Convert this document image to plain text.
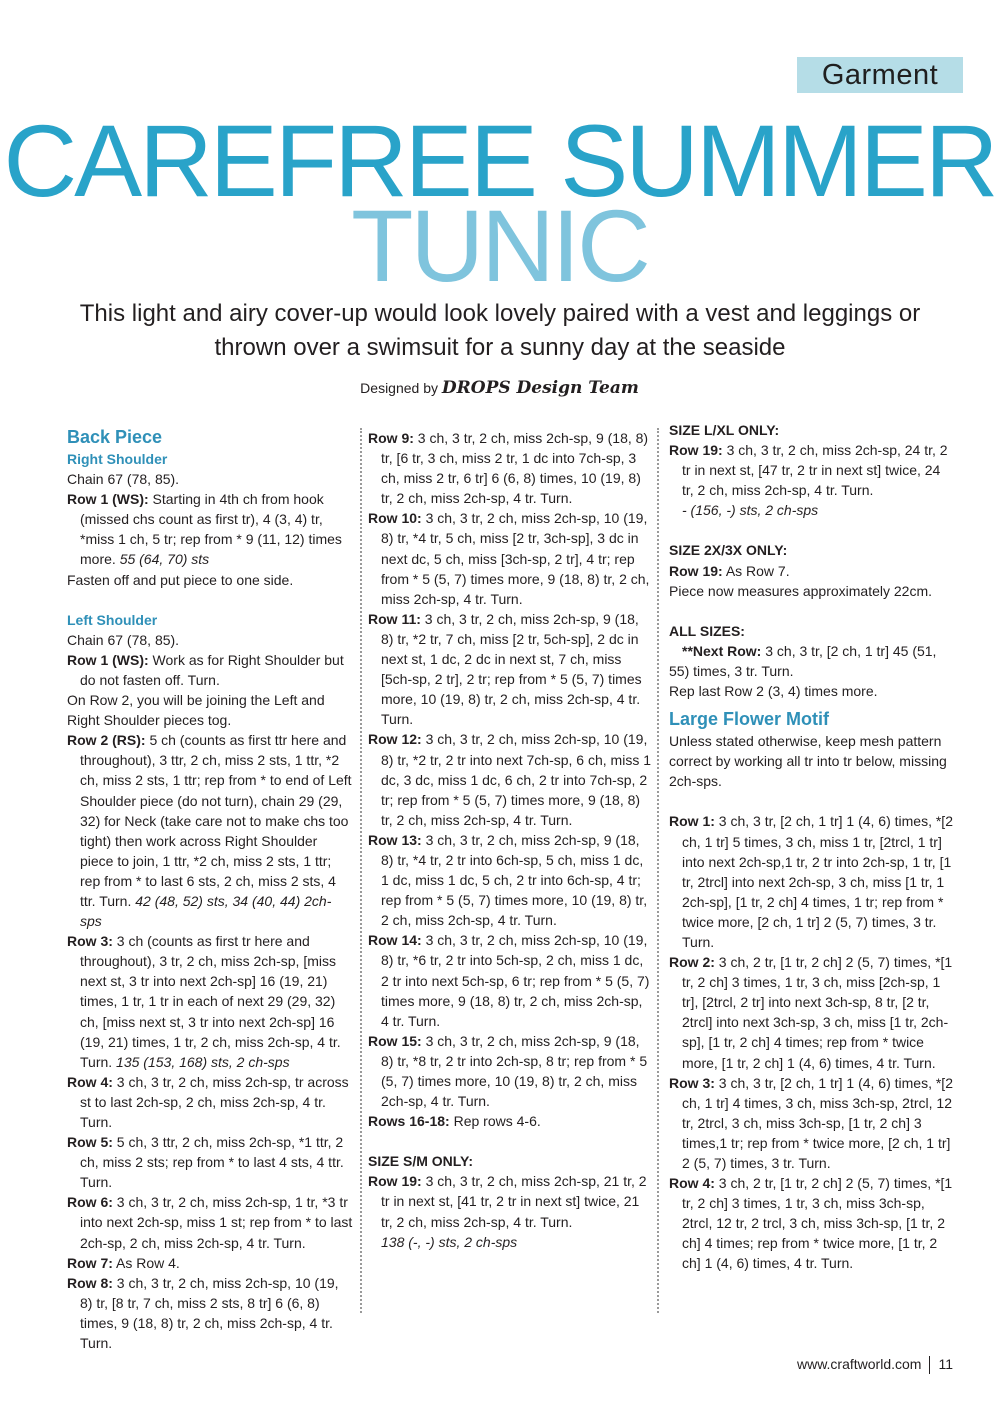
Garment
CAREFREE SUMMER
TUNIC
This light and airy cover-up would look lovely paired with a vest and leggings or thrown over a swimsuit for a sunny day at the seaside
Designed by DROPS Design Team
Back Piece
Right Shoulder

Chain 67 (78, 85).

Row 1 (WS): Starting in 4th ch from hook (missed chs count as first tr), 4 (3, 4) tr, *miss 1 ch, 5 tr; rep from * 9 (11, 12) times more. 55 (64, 70) sts

Fasten off and put piece to one side.

Left Shoulder

Chain 67 (78, 85).

Row 1 (WS): Work as for Right Shoulder but do not fasten off. Turn.

On Row 2, you will be joining the Left and Right Shoulder pieces tog.

Row 2 (RS): 5 ch (counts as first ttr here and throughout), 3 ttr, 2 ch, miss 2 sts, 1 ttr, *2 ch, miss 2 sts, 1 ttr; rep from * to end of Left Shoulder piece (do not turn), chain 29 (29, 32) for Neck (take care not to make chs too tight) then work across Right Shoulder piece to join, 1 ttr, *2 ch, miss 2 sts, 1 ttr; rep from * to last 6 sts, 2 ch, miss 2 sts, 4 ttr. Turn. 42 (48, 52) sts, 34 (40, 44) 2ch-sps

Row 3: 3 ch (counts as first tr here and throughout), 3 tr, 2 ch, miss 2ch-sp, [miss next st, 3 tr into next 2ch-sp] 16 (19, 21) times, 1 tr, 1 tr in each of next 29 (29, 32) ch, [miss next st, 3 tr into next 2ch-sp] 16 (19, 21) times, 1 tr, 2 ch, miss 2ch-sp, 4 tr. Turn. 135 (153, 168) sts, 2 ch-sps

Row 4: 3 ch, 3 tr, 2 ch, miss 2ch-sp, tr across st to last 2ch-sp, 2 ch, miss 2ch-sp, 4 tr. Turn.

Row 5: 5 ch, 3 ttr, 2 ch, miss 2ch-sp, *1 ttr, 2 ch, miss 2 sts; rep from * to last 4 sts, 4 ttr. Turn.

Row 6: 3 ch, 3 tr, 2 ch, miss 2ch-sp, 1 tr, *3 tr into next 2ch-sp, miss 1 st; rep from * to last 2ch-sp, 2 ch, miss 2ch-sp, 4 tr. Turn.

Row 7: As Row 4.

Row 8: 3 ch, 3 tr, 2 ch, miss 2ch-sp, 10 (19, 8) tr, [8 tr, 7 ch, miss 2 sts, 8 tr] 6 (6, 8) times, 9 (18, 8) tr, 2 ch, miss 2ch-sp, 4 tr. Turn.

Row 9: 3 ch, 3 tr, 2 ch, miss 2ch-sp, 9 (18, 8) tr, [6 tr, 3 ch, miss 2 tr, 1 dc into 7ch-sp, 3 ch, miss 2 tr, 6 tr] 6 (6, 8) times, 10 (19, 8) tr, 2 ch, miss 2ch-sp, 4 tr. Turn.

Row 10: 3 ch, 3 tr, 2 ch, miss 2ch-sp, 10 (19, 8) tr, *4 tr, 5 ch, miss [2 tr, 3ch-sp], 3 dc in next dc, 5 ch, miss [3ch-sp, 2 tr], 4 tr; rep from * 5 (5, 7) times more, 9 (18, 8) tr, 2 ch, miss 2ch-sp, 4 tr. Turn.

Row 11: 3 ch, 3 tr, 2 ch, miss 2ch-sp, 9 (18, 8) tr, *2 tr, 7 ch, miss [2 tr, 5ch-sp], 2 dc in next st, 1 dc, 2 dc in next st, 7 ch, miss [5ch-sp, 2 tr], 2 tr; rep from * 5 (5, 7) times more, 10 (19, 8) tr, 2 ch, miss 2ch-sp, 4 tr. Turn.

Row 12: 3 ch, 3 tr, 2 ch, miss 2ch-sp, 10 (19, 8) tr, *2 tr, 2 tr into next 7ch-sp, 6 ch, miss 1 dc, 3 dc, miss 1 dc, 6 ch, 2 tr into 7ch-sp, 2 tr; rep from * 5 (5, 7) times more, 9 (18, 8) tr, 2 ch, miss 2ch-sp, 4 tr. Turn.

Row 13: 3 ch, 3 tr, 2 ch, miss 2ch-sp, 9 (18, 8) tr, *4 tr, 2 tr into 6ch-sp, 5 ch, miss 1 dc, 1 dc, miss 1 dc, 5 ch, 2 tr into 6ch-sp, 4 tr; rep from * 5 (5, 7) times more, 10 (19, 8) tr, 2 ch, miss 2ch-sp, 4 tr. Turn.

Row 14: 3 ch, 3 tr, 2 ch, miss 2ch-sp, 10 (19, 8) tr, *6 tr, 2 tr into 5ch-sp, 2 ch, miss 1 dc, 2 tr into next 5ch-sp, 6 tr; rep from * 5 (5, 7) times more, 9 (18, 8) tr, 2 ch, miss 2ch-sp, 4 tr. Turn.

Row 15: 3 ch, 3 tr, 2 ch, miss 2ch-sp, 9 (18, 8) tr, *8 tr, 2 tr into 2ch-sp, 8 tr; rep from * 5 (5, 7) times more, 10 (19, 8) tr, 2 ch, miss 2ch-sp, 4 tr. Turn.

Rows 16-18: Rep rows 4-6.

SIZE S/M ONLY:

Row 19: 3 ch, 3 tr, 2 ch, miss 2ch-sp, 21 tr, 2 tr in next st, [41 tr, 2 tr in next st] twice, 21 tr, 2 ch, miss 2ch-sp, 4 tr. Turn.

138 (-, -) sts, 2 ch-sps

SIZE L/XL ONLY:

Row 19: 3 ch, 3 tr, 2 ch, miss 2ch-sp, 24 tr, 2 tr in next st, [47 tr, 2 tr in next st] twice, 24 tr, 2 ch, miss 2ch-sp, 4 tr. Turn.

- (156, -) sts, 2 ch-sps

SIZE 2X/3X ONLY:

Row 19: As Row 7.

Piece now measures approximately 22cm.

ALL SIZES:

**Next Row: 3 ch, 3 tr, [2 ch, 1 tr] 45 (51, 55) times, 3 tr. Turn.

Rep last Row 2 (3, 4) times more.

Large Flower Motif

Unless stated otherwise, keep mesh pattern correct by working all tr into tr below, missing 2ch-sps.

Row 1: 3 ch, 3 tr, [2 ch, 1 tr] 1 (4, 6) times, *[2 ch, 1 tr] 5 times, 3 ch, miss 1 tr, [2trcl, 1 tr] into next 2ch-sp,1 tr, 2 tr into 2ch-sp, 1 tr, [1 tr, 2trcl] into next 2ch-sp, 3 ch, miss [1 tr, 1 2ch-sp], [1 tr, 2 ch] 4 times, 1 tr; rep from * twice more, [2 ch, 1 tr] 2 (5, 7) times, 3 tr. Turn.

Row 2: 3 ch, 2 tr, [1 tr, 2 ch] 2 (5, 7) times, *[1 tr, 2 ch] 3 times, 1 tr, 3 ch, miss [2ch-sp, 1 tr], [2trcl, 2 tr] into next 3ch-sp, 8 tr, [2 tr, 2trcl] into next 3ch-sp, 3 ch, miss [1 tr, 2ch-sp], [1 tr, 2 ch] 4 times; rep from * twice more, [1 tr, 2 ch] 1 (4, 6) times, 4 tr. Turn.

Row 3: 3 ch, 3 tr, [2 ch, 1 tr] 1 (4, 6) times, *[2 ch, 1 tr] 4 times, 3 ch, miss 3ch-sp, 2trcl, 12 tr, 2trcl, 3 ch, miss 3ch-sp, [1 tr, 2 ch] 3 times,1 tr; rep from * twice more, [2 ch, 1 tr] 2 (5, 7) times, 3 tr. Turn.

Row 4: 3 ch, 2 tr, [1 tr, 2 ch] 2 (5, 7) times, *[1 tr, 2 ch] 3 times, 1 tr, 3 ch, miss 3ch-sp, 2trcl, 12 tr, 2 trcl, 3 ch, miss 3ch-sp, [1 tr, 2 ch] 4 times; rep from * twice more, [1 tr, 2 ch] 1 (4, 6) times, 4 tr. Turn.

www.craftworld.com 11
